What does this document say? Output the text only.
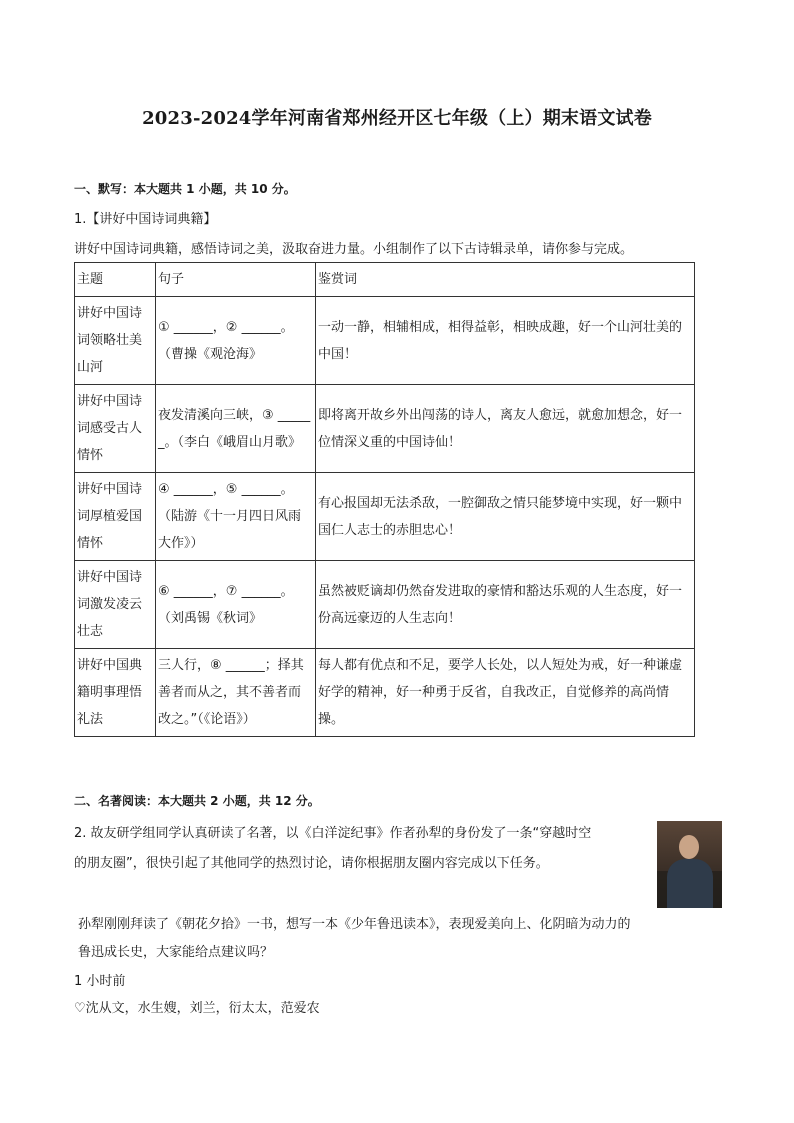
2023-2024学年河南省郑州经开区七年级（上）期末语文试卷
一、默写：本大题共 1 小题，共 10 分。
1.【讲好中国诗词典籍】
讲好中国诗词典籍，感悟诗词之美，汲取奋进力量。小组制作了以下古诗辑录单，请你参与完成。
主题	句子	鉴赏词
讲好中国诗词领略壮美山河	① ______，② ______。（曹操《观沧海》	一动一静，相辅相成，相得益彰，相映成趣，好一个山河壮美的中国！
讲好中国诗词感受古人情怀	夜发清溪向三峡，③ ______。（李白《峨眉山月歌》	即将离开故乡外出闯荡的诗人，离友人愈远，就愈加想念，好一位情深义重的中国诗仙！
讲好中国诗词厚植爱国情怀	④ ______，⑤ ______。（陆游《十一月四日风雨大作》）	有心报国却无法杀敌，一腔御敌之情只能梦境中实现，好一颗中国仁人志士的赤胆忠心！
讲好中国诗词激发凌云壮志	⑥ ______，⑦ ______。（刘禹锡《秋词》	虽然被贬谪却仍然奋发进取的豪情和豁达乐观的人生态度，好一份高远豪迈的人生志向！
讲好中国典籍明事理悟礼法	三人行，⑧ ______；择其善者而从之，其不善者而改之。”（《论语》）	每人都有优点和不足，要学人长处，以人短处为戒，好一种谦虚好学的精神，好一种勇于反省，自我改正，自觉修养的高尚情操。
二、名著阅读：本大题共 2 小题，共 12 分。
2. 故友研学组同学认真研读了名著，以《白洋淀纪事》作者孙犁的身份发了一条“穿越时空
的朋友圈”，很快引起了其他同学的热烈讨论，请你根据朋友圈内容完成以下任务。
孙犁刚刚拜读了《朝花夕拾》一书，想写一本《少年鲁迅读本》，表现爱美向上、化阴暗为动力的
鲁迅成长史，大家能给点建议吗？
1 小时前
♡沈从文，水生嫂，刘兰，衍太太，范爱农
